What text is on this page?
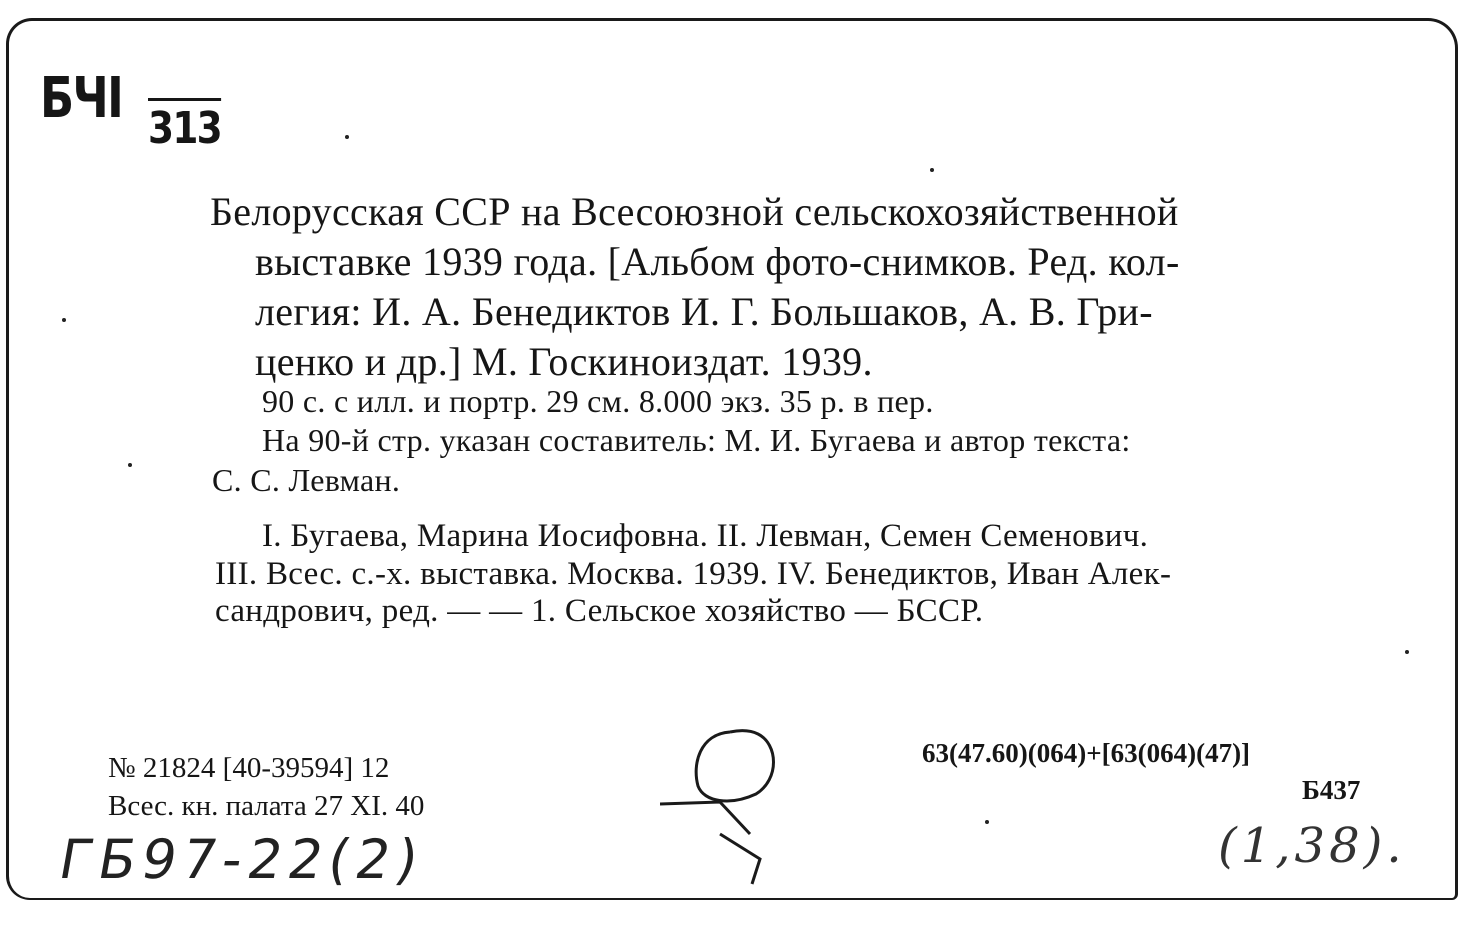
БЧI 313
Белорусская ССР на Всесоюзной сельскохозяйственной
выставке 1939 года. [Альбом фото-снимков. Ред. кол-
легия: И. А. Бенедиктов И. Г. Большаков, А. В. Гри-
ценко и др.] М. Госкиноиздат. 1939.
90 с. с илл. и портр. 29 см. 8.000 экз. 35 р. в пер.
На 90-й стр. указан составитель: М. И. Бугаева и автор текста:
С. С. Левман.
I. Бугаева, Марина Иосифовна. II. Левман, Семен Семенович.
III. Всес. с.-х. выставка. Москва. 1939. IV. Бенедиктов, Иван Алек-
сандрович, ред. — — 1. Сельское хозяйство — БССР.
№ 21824 [40-39594] 12
Всес. кн. палата 27 XI. 40
63(47.60)(064)+[63(064)(47)]
Б437
ГБ97-22(2)	(1,38).
